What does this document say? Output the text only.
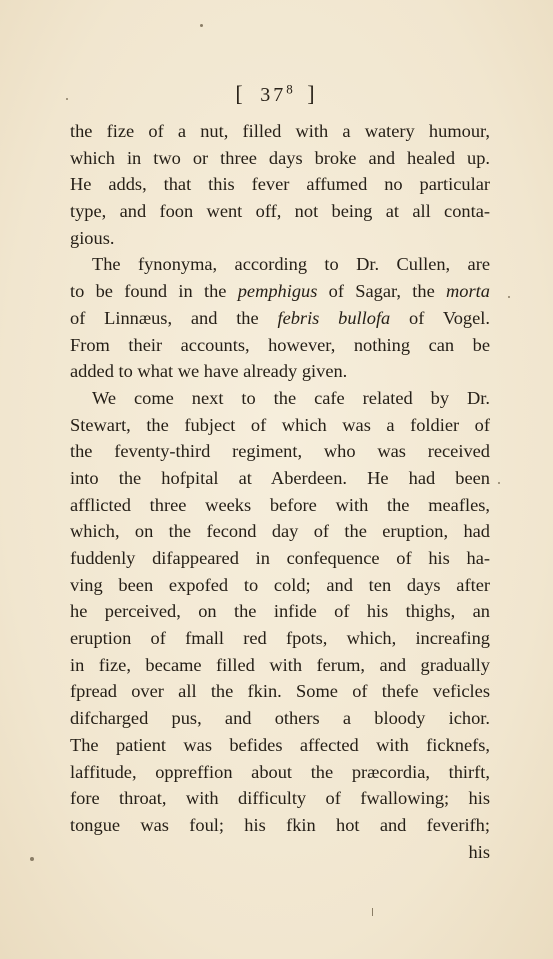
[ $37^8$ ]
the fize of a nut, filled with a watery humour,
which in two or three days broke and healed up.
He adds, that this fever affumed no particular
type, and foon went off, not being at all conta-
gious.
The fynonyma, according to Dr. Cullen, are
to be found in the pemphigus of Sagar, the morta
of Linnæus, and the febris bullofa of Vogel.
From their accounts, however, nothing can be
added to what we have already given.
We come next to the cafe related by Dr.
Stewart, the fubject of which was a foldier of
the feventy-third regiment, who was received
into the hofpital at Aberdeen. He had been
afflicted three weeks before with the meafles,
which, on the fecond day of the eruption, had
fuddenly difappeared in confequence of his ha-
ving been expofed to cold; and ten days after
he perceived, on the infide of his thighs, an
eruption of fmall red fpots, which, increafing
in fize, became filled with ferum, and gradually
fpread over all the fkin. Some of thefe veficles
difcharged pus, and others a bloody ichor.
The patient was befides affected with ficknefs,
laffitude, oppreffion about the præcordia, thirft,
fore throat, with difficulty of fwallowing; his
tongue was foul; his fkin hot and feverifh;
his
